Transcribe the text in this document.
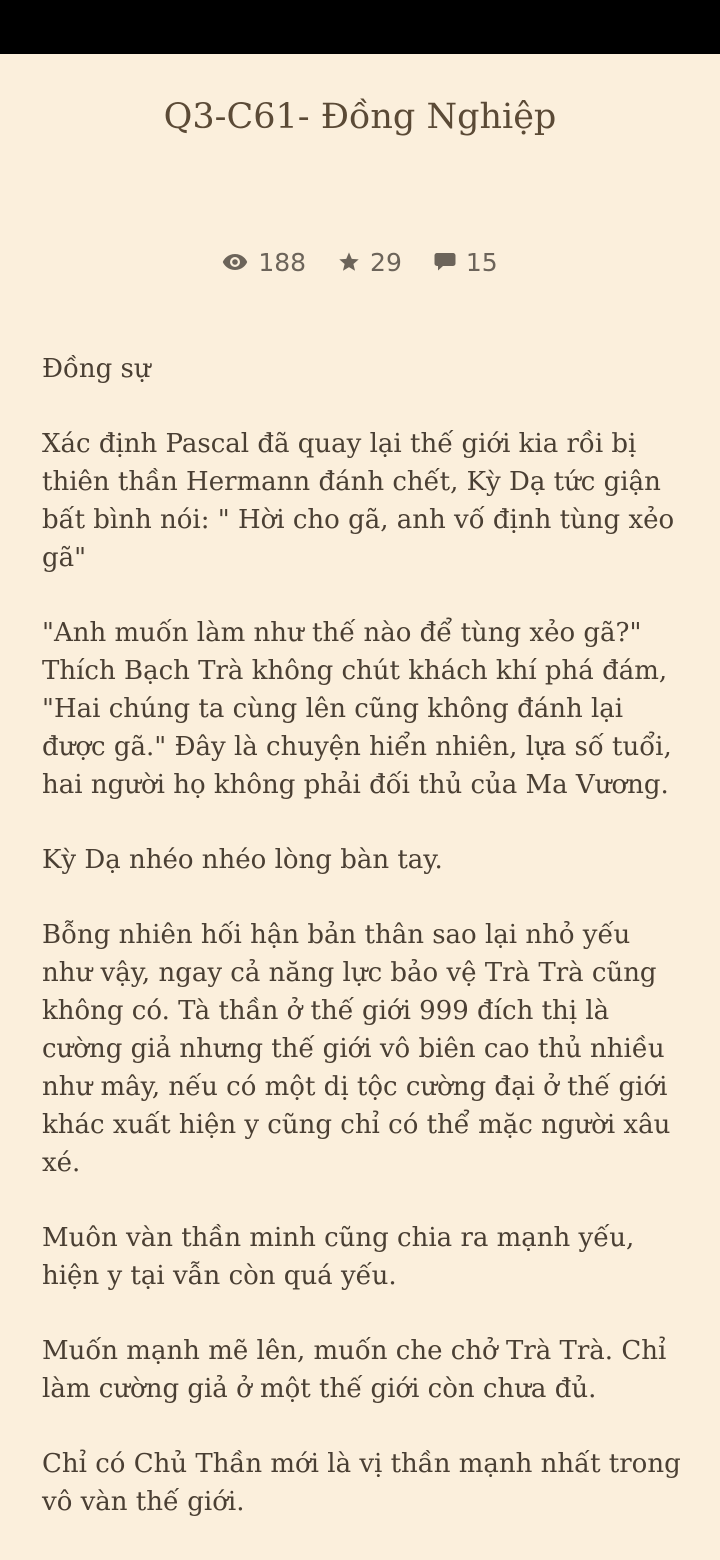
Q3-C61- Đồng Nghiệp
188	29	15

Đồng sự

Xác định Pascal đã quay lại thế giới kia rồi bị thiên thần Hermann đánh chết, Kỳ Dạ tức giận bất bình nói: " Hời cho gã, anh vố định tùng xẻo gã"

"Anh muốn làm như thế nào để tùng xẻo gã?" Thích Bạch Trà không chút khách khí phá đám, "Hai chúng ta cùng lên cũng không đánh lại được gã." Đây là chuyện hiển nhiên, lựa số tuổi, hai người họ không phải đối thủ của Ma Vương.

Kỳ Dạ nhéo nhéo lòng bàn tay.

Bỗng nhiên hối hận bản thân sao lại nhỏ yếu như vậy, ngay cả năng lực bảo vệ Trà Trà cũng không có. Tà thần ở thế giới 999 đích thị là cường giả nhưng thế giới vô biên cao thủ nhiều như mây, nếu có một dị tộc cường đại ở thế giới khác xuất hiện y cũng chỉ có thể mặc người xâu xé.

Muôn vàn thần minh cũng chia ra mạnh yếu, hiện y tại vẫn còn quá yếu.

Muốn mạnh mẽ lên, muốn che chở Trà Trà. Chỉ làm cường giả ở một thế giới còn chưa đủ.

Chỉ có Chủ Thần mới là vị thần mạnh nhất trong vô vàn thế giới.
